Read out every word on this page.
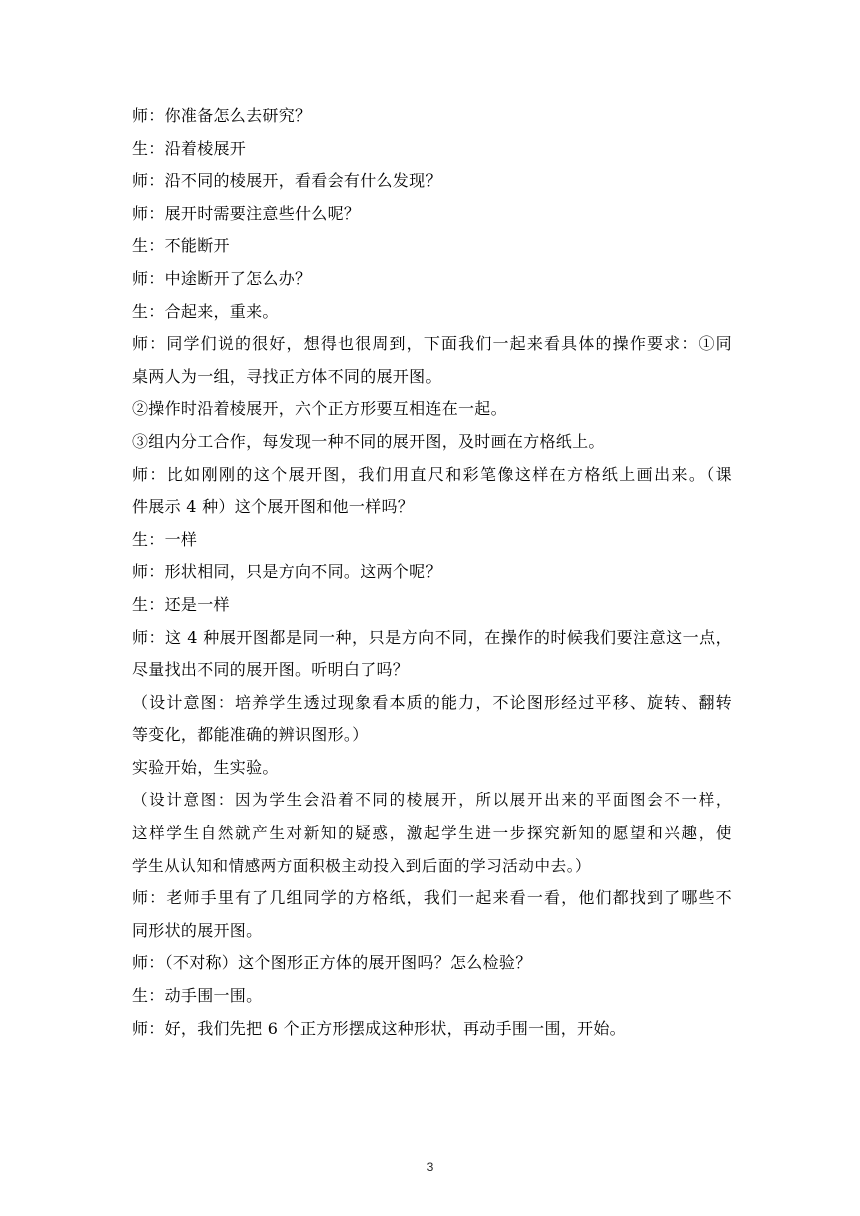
师：你准备怎么去研究？
生：沿着棱展开
师：沿不同的棱展开，看看会有什么发现？
师：展开时需要注意些什么呢？
生：不能断开
师：中途断开了怎么办？
生：合起来，重来。
师：同学们说的很好，想得也很周到，下面我们一起来看具体的操作要求：①同
桌两人为一组，寻找正方体不同的展开图。
②操作时沿着棱展开，六个正方形要互相连在一起。
③组内分工合作，每发现一种不同的展开图，及时画在方格纸上。
师：比如刚刚的这个展开图，我们用直尺和彩笔像这样在方格纸上画出来。（课
件展示 4 种）这个展开图和他一样吗？
生：一样
师：形状相同，只是方向不同。这两个呢？
生：还是一样
师：这 4 种展开图都是同一种，只是方向不同，在操作的时候我们要注意这一点，
尽量找出不同的展开图。听明白了吗？
（设计意图：培养学生透过现象看本质的能力，不论图形经过平移、旋转、翻转
等变化，都能准确的辨识图形。）
实验开始，生实验。
（设计意图：因为学生会沿着不同的棱展开，所以展开出来的平面图会不一样，
这样学生自然就产生对新知的疑惑，激起学生进一步探究新知的愿望和兴趣，使
学生从认知和情感两方面积极主动投入到后面的学习活动中去。）
师：老师手里有了几组同学的方格纸，我们一起来看一看，他们都找到了哪些不
同形状的展开图。
师：（不对称）这个图形正方体的展开图吗？怎么检验？
生：动手围一围。
师：好，我们先把 6 个正方形摆成这种形状，再动手围一围，开始。
3
